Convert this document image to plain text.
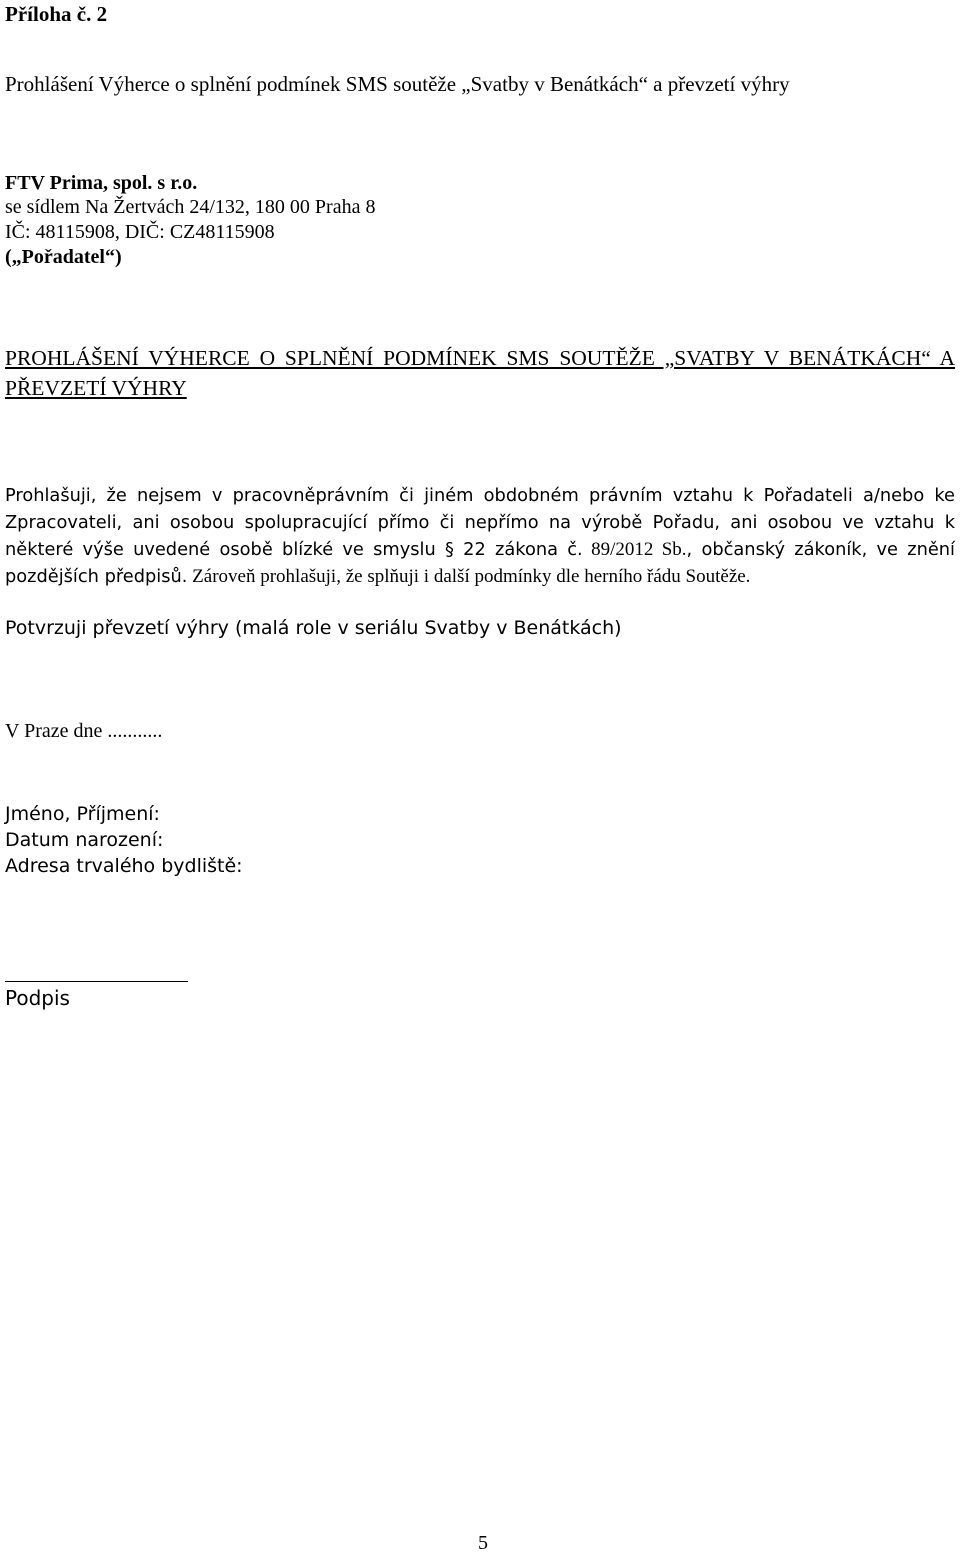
Příloha č. 2
Prohlášení Výherce o splnění podmínek SMS soutěže „Svatby v Benátkách“ a převzetí výhry
FTV Prima, spol. s r.o.
se sídlem Na Žertvách 24/132, 180 00 Praha 8
IČ: 48115908, DIČ: CZ48115908
(„Pořadatel“)
PROHLÁŠENÍ VÝHERCE O SPLNĚNÍ PODMÍNEK SMS SOUTĚŽE „SVATBY V BENÁTKÁCH“ A PŘEVZETÍ VÝHRY
Prohlašuji, že nejsem v pracovněprávním či jiném obdobném právním vztahu k Pořadateli a/nebo ke Zpracovateli, ani osobou spolupracující přímo či nepřímo na výrobě Pořadu, ani osobou ve vztahu k některé výše uvedené osobě blízké ve smyslu § 22 zákona č. 89/2012 Sb., občanský zákoník, ve znění pozdějších předpisů. Zároveň prohlašuji, že splňuji i další podmínky dle herního řádu Soutěže.
Potvrzuji převzetí výhry (malá role v seriálu Svatby v Benátkách)
V Praze dne ...........
Jméno, Příjmení:
Datum narození:
Adresa trvalého bydliště:
Podpis
5
